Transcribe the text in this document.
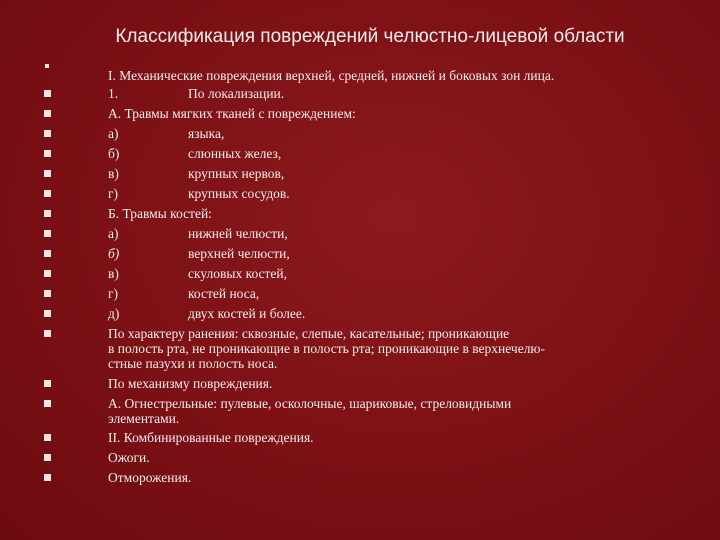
Классификация повреждений челюстно-лицевой области
I. Механические повреждения верхней, средней, нижней и боковых зон лица.
1.	По локализации.
А. Травмы мягких тканей с повреждением:
а)	языка,
б)	слюнных желез,
в)	крупных нервов,
г)	крупных сосудов.
Б. Травмы костей:
а)	нижней челюсти,
б)	верхней челюсти,
в)	скуловых костей,
г)	костей носа,
д)	двух костей и более.
По характеру ранения: сквозные, слепые, касательные; проникающие
в полость рта, не проникающие в полость рта; проникающие в верхнечелю-
стные пазухи и полость носа.
По механизму повреждения.
А. Огнестрельные: пулевые, осколочные, шариковые, стреловидными
элементами.
II. Комбинированные повреждения.
Ожоги.
Отморожения.
